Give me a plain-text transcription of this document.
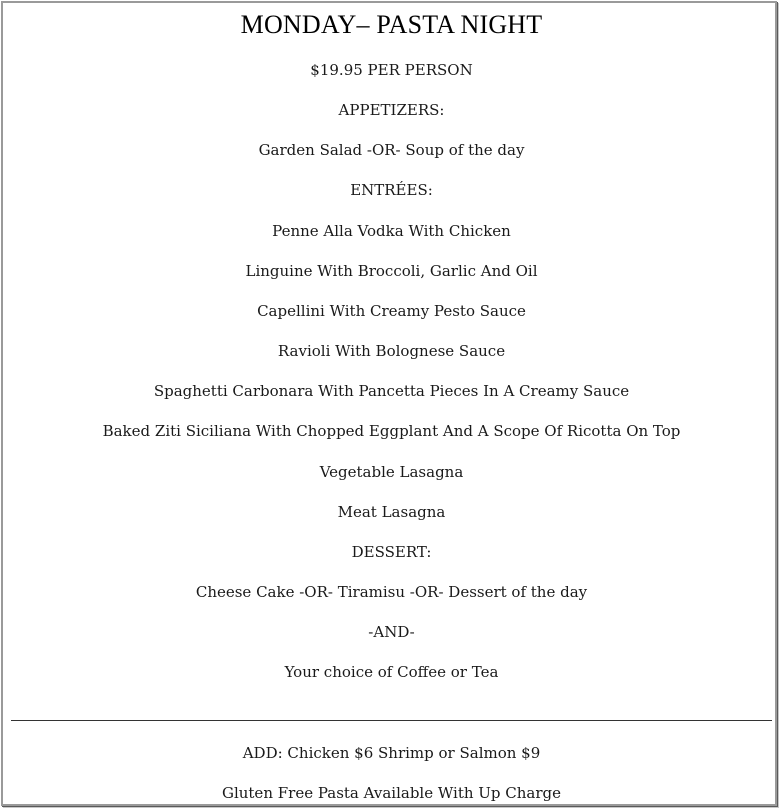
MONDAY– PASTA NIGHT
$19.95 PER PERSON
APPETIZERS:
Garden Salad -OR- Soup of the day
ENTRÉES:
Penne Alla Vodka With Chicken
Linguine With Broccoli, Garlic And Oil
Capellini With Creamy Pesto Sauce
Ravioli With Bolognese Sauce
Spaghetti Carbonara With Pancetta Pieces In A Creamy Sauce
Baked Ziti Siciliana With Chopped Eggplant And A Scope Of Ricotta On Top
Vegetable Lasagna
Meat Lasagna
DESSERT:
Cheese Cake -OR- Tiramisu -OR- Dessert of the day
-AND-
Your choice of Coffee or Tea
ADD: Chicken $6 Shrimp or Salmon $9
Gluten Free Pasta Available With Up Charge
